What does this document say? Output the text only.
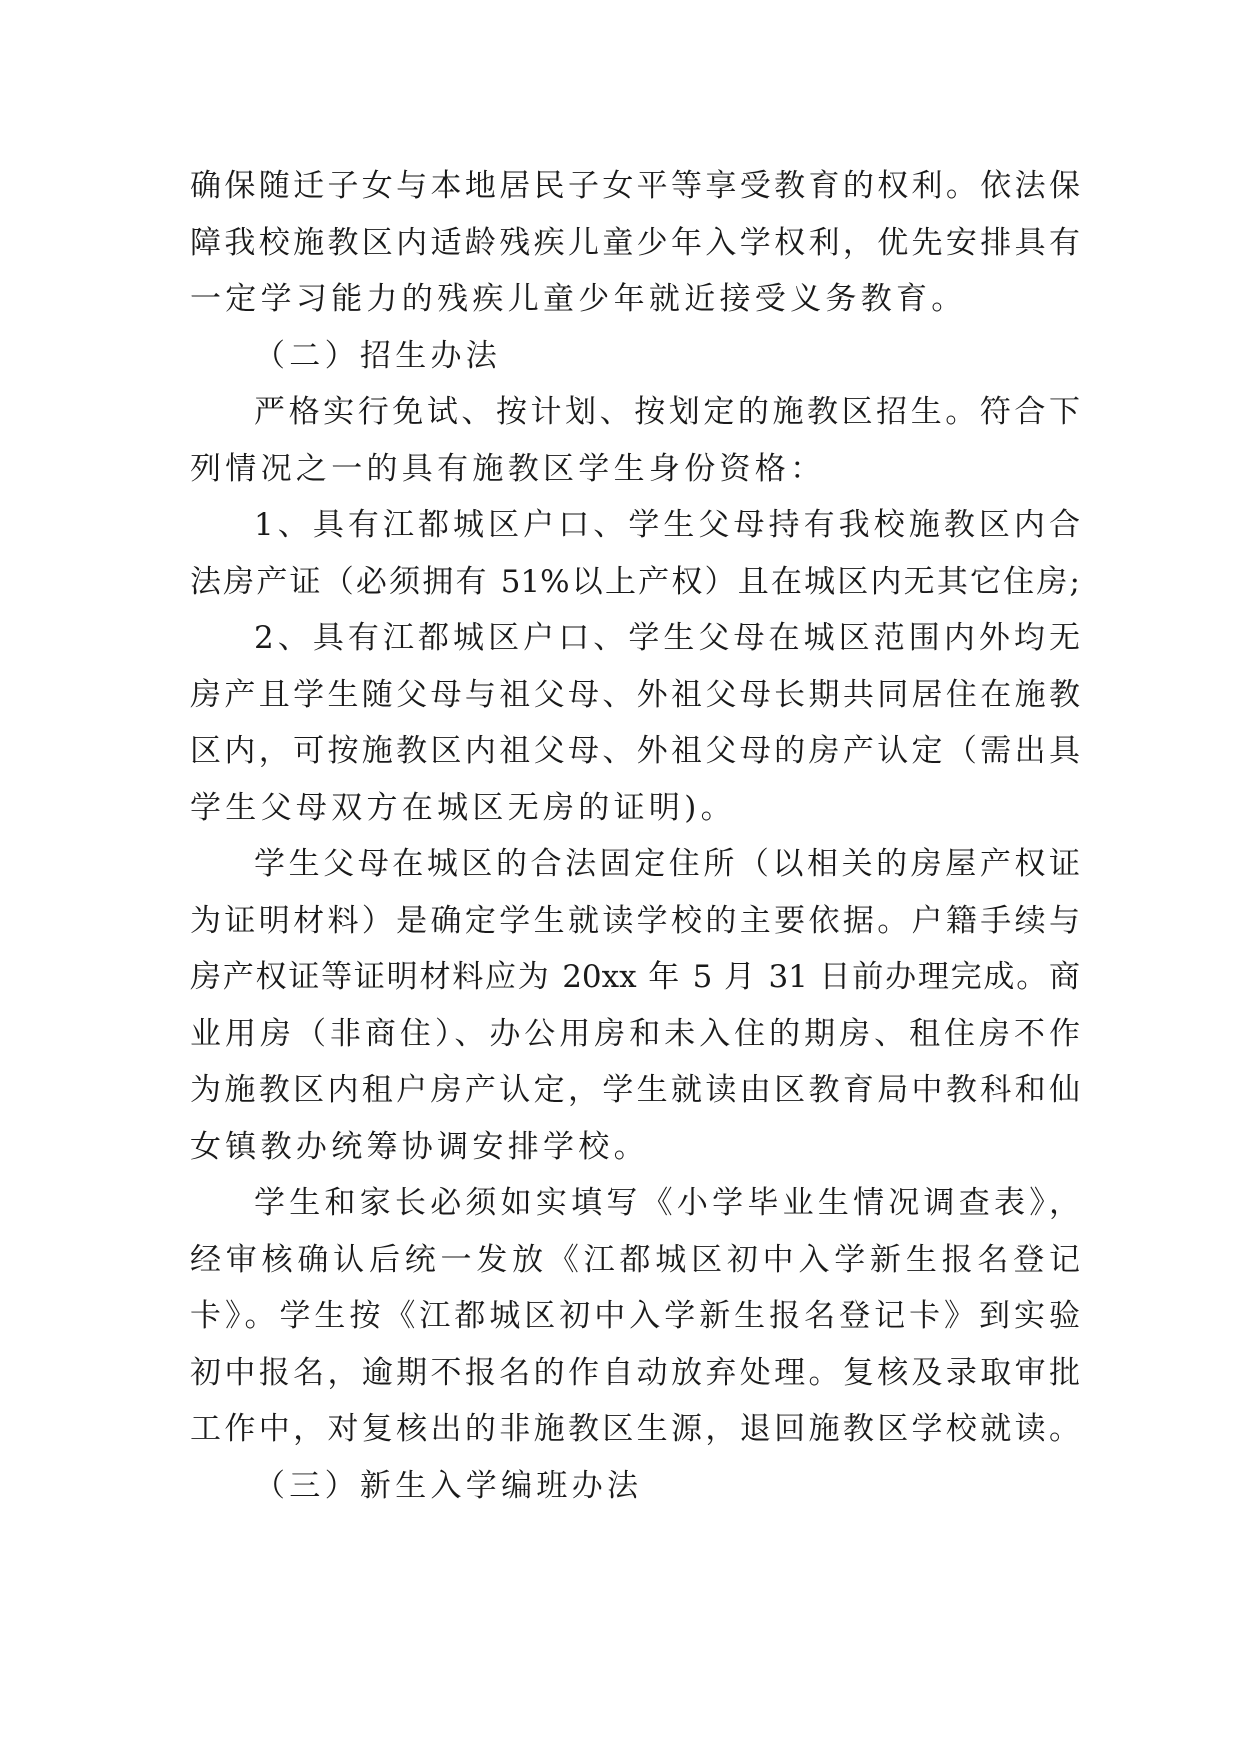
确保随迁子女与本地居民子女平等享受教育的权利。依法保
障我校施教区内适龄残疾儿童少年入学权利，优先安排具有
一定学习能力的残疾儿童少年就近接受义务教育。
（二）招生办法
严格实行免试、按计划、按划定的施教区招生。符合下
列情况之一的具有施教区学生身份资格：
1、具有江都城区户口、学生父母持有我校施教区内合
法房产证（必须拥有 51%以上产权）且在城区内无其它住房;
2、具有江都城区户口、学生父母在城区范围内外均无
房产且学生随父母与祖父母、外祖父母长期共同居住在施教
区内，可按施教区内祖父母、外祖父母的房产认定（需出具
学生父母双方在城区无房的证明)。
学生父母在城区的合法固定住所（以相关的房屋产权证
为证明材料）是确定学生就读学校的主要依据。户籍手续与
房产权证等证明材料应为 20xx 年 5 月 31 日前办理完成。商
业用房（非商住）、办公用房和未入住的期房、租住房不作
为施教区内租户房产认定，学生就读由区教育局中教科和仙
女镇教办统筹协调安排学校。
学生和家长必须如实填写《小学毕业生情况调查表》，
经审核确认后统一发放《江都城区初中入学新生报名登记
卡》。学生按《江都城区初中入学新生报名登记卡》到实验
初中报名，逾期不报名的作自动放弃处理。复核及录取审批
工作中，对复核出的非施教区生源，退回施教区学校就读。
（三）新生入学编班办法
